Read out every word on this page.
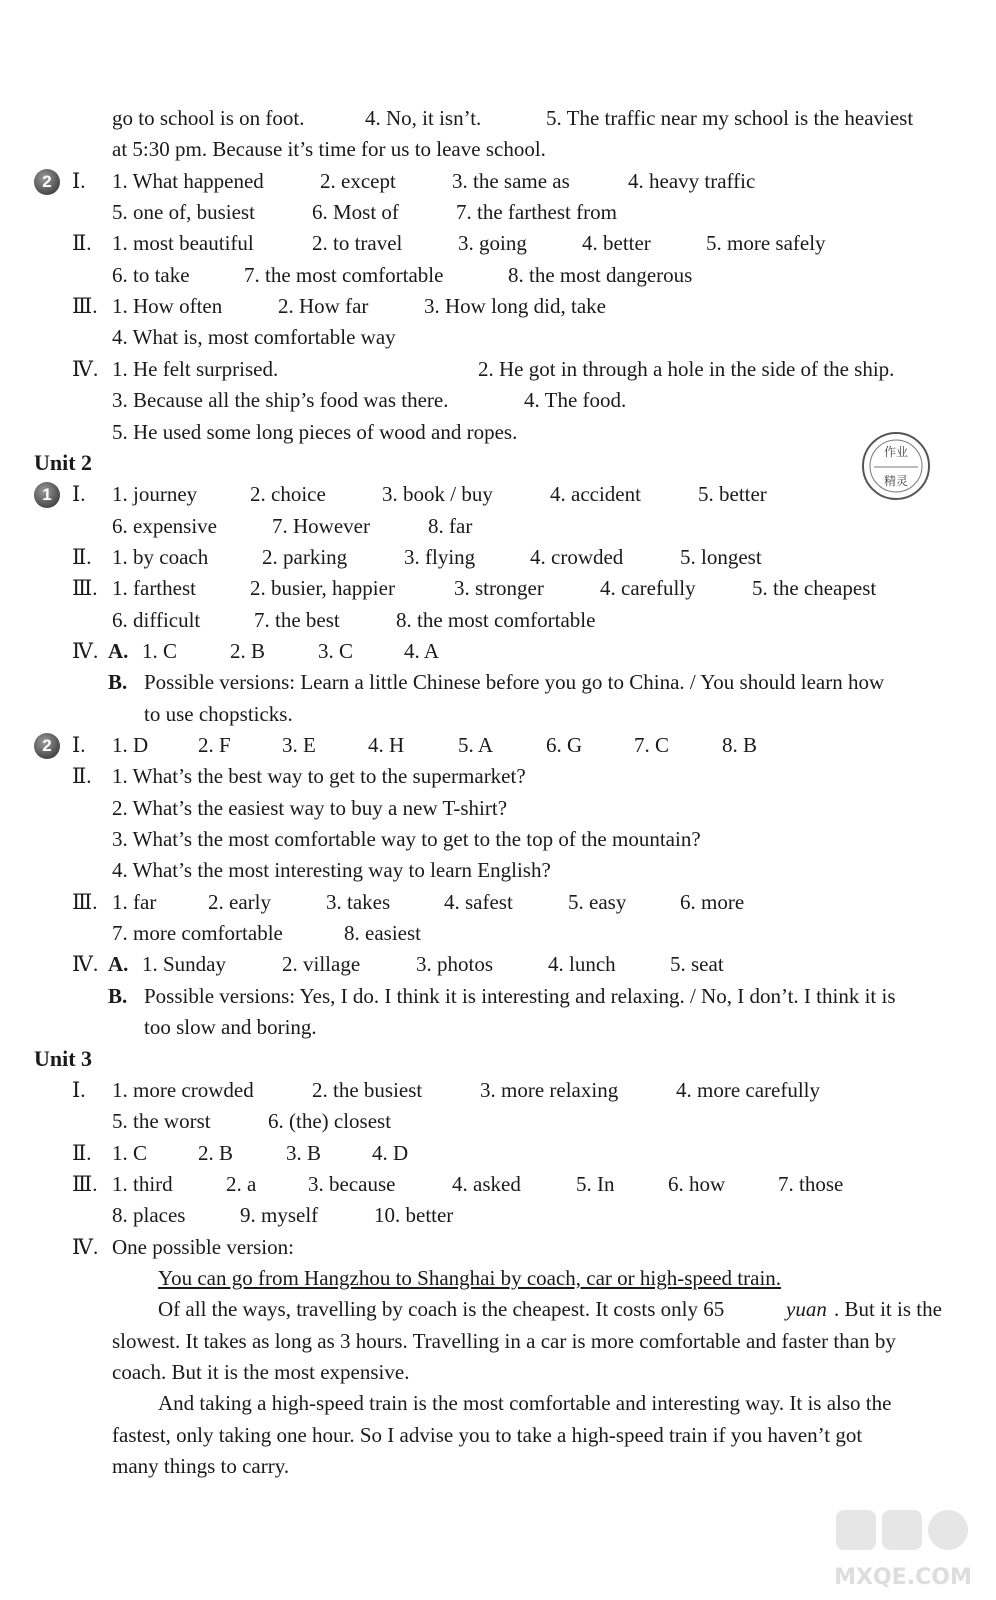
go to school is on foot.	4. No, it isn’t.	5. The traffic near my school is the heaviest
at 5:30 pm. Because it’s time for us to leave school.
2 Ⅰ. 1. What happened	2. except	3. the same as	4. heavy traffic
5. one of, busiest	6. Most of	7. the farthest from
Ⅱ. 1. most beautiful	2. to travel	3. going	4. better	5. more safely
6. to take	7. the most comfortable	8. the most dangerous
Ⅲ. 1. How often	2. How far	3. How long did, take
4. What is, most comfortable way
Ⅳ. 1. He felt surprised.	2. He got in through a hole in the side of the ship.
3. Because all the ship’s food was there.	4. The food.
5. He used some long pieces of wood and ropes.
Unit 2
1 Ⅰ. 1. journey	2. choice	3. book / buy	4. accident	5. better
6. expensive	7. However	8. far
Ⅱ. 1. by coach	2. parking	3. flying	4. crowded	5. longest
Ⅲ. 1. farthest	2. busier, happier	3. stronger	4. carefully	5. the cheapest
6. difficult	7. the best	8. the most comfortable
Ⅳ. A. 1. C	2. B	3. C 4. A
B. Possible versions: Learn a little Chinese before you go to China. / You should learn how
to use chopsticks.
2 Ⅰ. 1. D 2. F 3. E 4. H	5. A	6. G 7. C	8. B
Ⅱ. 1. What’s the best way to get to the supermarket?
2. What’s the easiest way to buy a new T-shirt?
3. What’s the most comfortable way to get to the top of the mountain?
4. What’s the most interesting way to learn English?
Ⅲ. 1. far 2. early	3. takes	4. safest	5. easy	6. more
7. more comfortable	8. easiest
Ⅳ. A. 1. Sunday	2. village	3. photos	4. lunch	5. seat
B. Possible versions: Yes, I do. I think it is interesting and relaxing. / No, I don’t. I think it is
too slow and boring.
Unit 3
Ⅰ. 1. more crowded	2. the busiest	3. more relaxing	4. more carefully
5. the worst	6. (the) closest
Ⅱ. 1. C 2. B	3. B 4. D
Ⅲ. 1. third	2. a 3. because	4. asked	5. In	6. how	7. those
8. places	9. myself	10. better
Ⅳ. One possible version:
You can go from Hangzhou to Shanghai by coach, car or high-speed train.
Of all the ways, travelling by coach is the cheapest. It costs only 65	yuan . But it is the
slowest. It takes as long as 3 hours. Travelling in a car is more comfortable and faster than by
coach. But it is the most expensive.
And taking a high-speed train is the most comfortable and interesting way. It is also the
fastest, only taking one hour. So I advise you to take a high-speed train if you haven’t got
many things to carry.
作业
精灵
MXQE.COM
